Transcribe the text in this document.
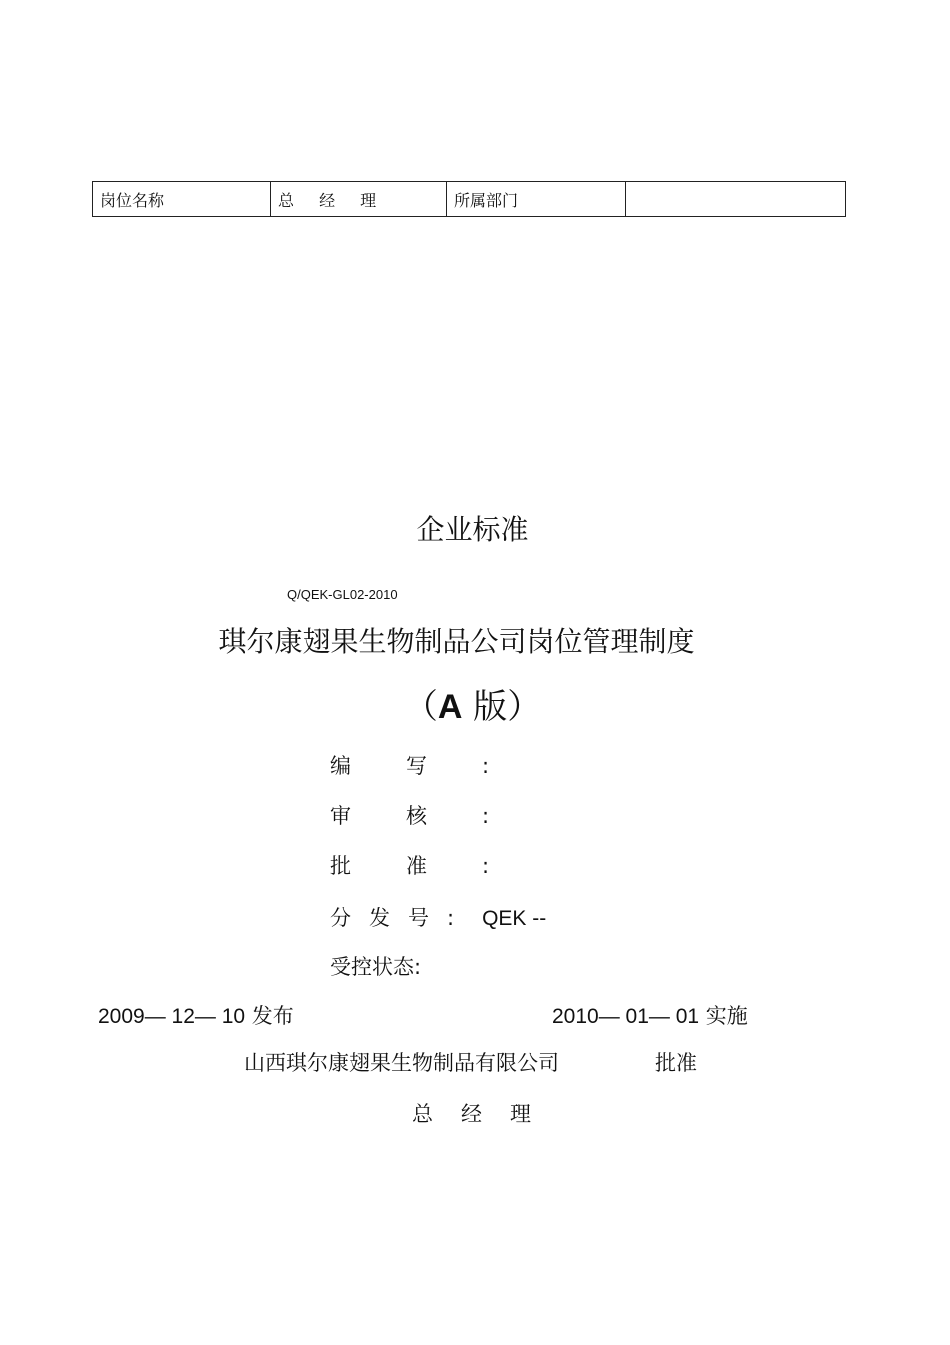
岗位名称	总 经 理	所属部门	
企业标准
Q/QEK-GL02-2010
琪尔康翅果生物制品公司岗位管理制度
（A 版）
编写:
审核:
批准:
分发号: QEK --
受控状态:
2009— 12— 10 发布	2010— 01— 01 实施
山西琪尔康翅果生物制品有限公司	批准
总经理
